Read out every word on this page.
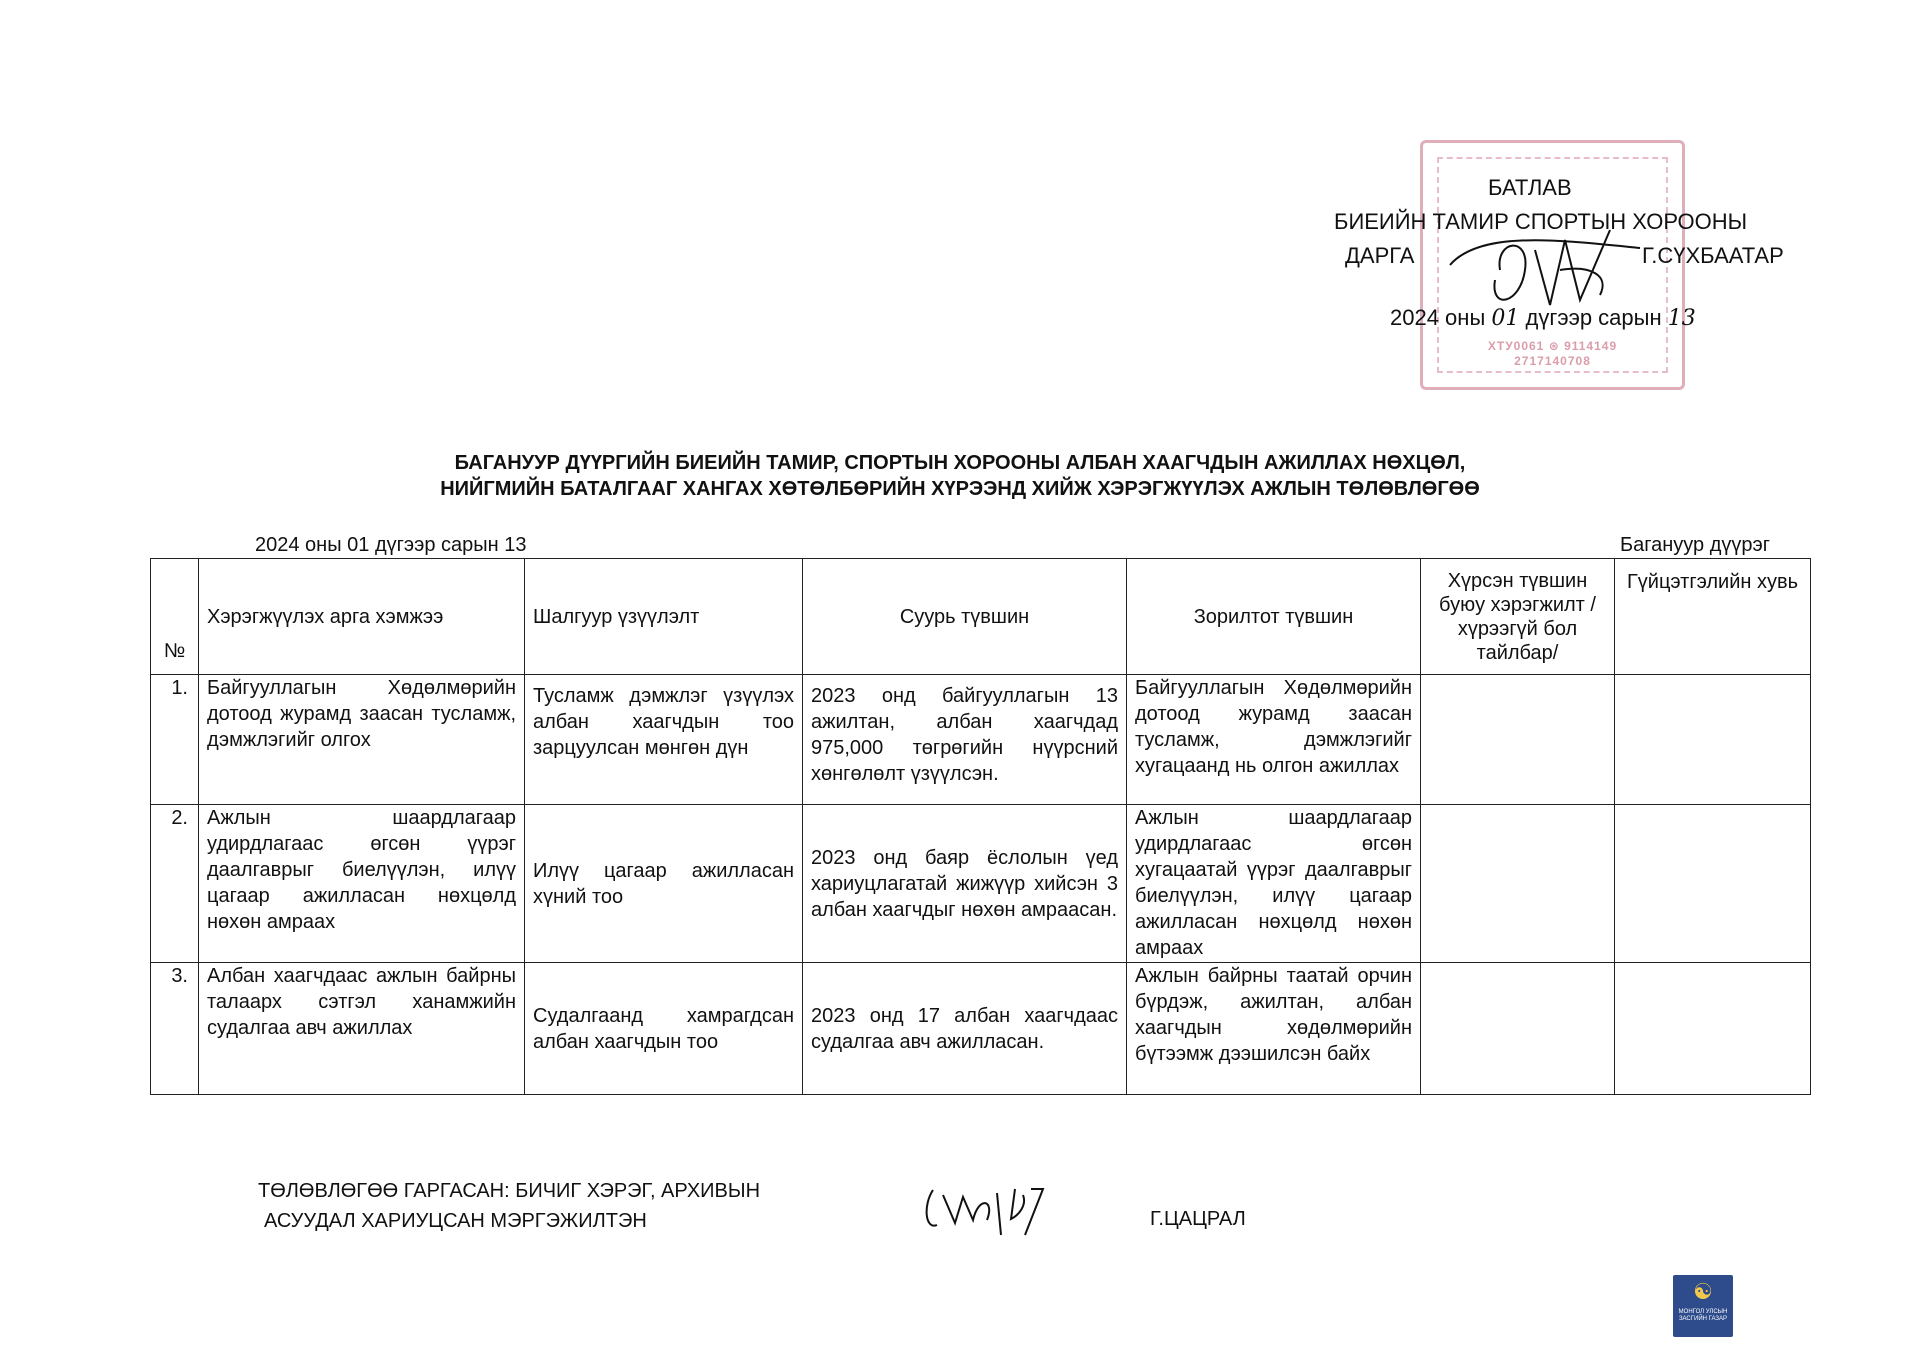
ХТУ0061 ⊛ 9114149
2717140708
БАТЛАВ
БИЕИЙН ТАМИР СПОРТЫН ХОРООНЫ
ДАРГА	Г.СҮХБААТАР
2024 оны 01 дүгээр сарын 13
БАГАНУУР ДҮҮРГИЙН БИЕИЙН ТАМИР, СПОРТЫН ХОРООНЫ АЛБАН ХААГЧДЫН АЖИЛЛАХ НӨХЦӨЛ,
НИЙГМИЙН БАТАЛГААГ ХАНГАХ ХӨТӨЛБӨРИЙН ХҮРЭЭНД ХИЙЖ ХЭРЭГЖҮҮЛЭХ АЖЛЫН ТӨЛӨВЛӨГӨӨ
2024 оны 01 дүгээр сарын 13	Багануур дүүрэг
№	Хэрэгжүүлэх арга хэмжээ	Шалгуур үзүүлэлт	Суурь түвшин	Зорилтот түвшин	Хүрсэн түвшин буюу хэрэгжилт / хүрээгүй бол тайлбар/	Гүйцэтгэлийн хувь
1.	Байгууллагын Хөдөлмөрийн дотоод журамд заасан тусламж, дэмжлэгийг олгох	Тусламж дэмжлэг үзүүлэх албан хаагчдын тоо зарцуулсан мөнгөн дүн	2023 онд байгууллагын 13 ажилтан, албан хаагчдад 975,000 төгрөгийн нүүрсний хөнгөлөлт үзүүлсэн.	Байгууллагын Хөдөлмөрийн дотоод журамд заасан тусламж, дэмжлэгийг хугацаанд нь олгон ажиллах		
2.	Ажлын шаардлагаар удирдлагаас өгсөн үүрэг даалгаврыг биелүүлэн, илүү цагаар ажилласан нөхцөлд нөхөн амраах	Илүү цагаар ажилласан хүний тоо	2023 онд баяр ёслолын үед хариуцлагатай жижүүр хийсэн 3 албан хаагчдыг нөхөн амраасан.	Ажлын шаардлагаар удирдлагаас өгсөн хугацаатай үүрэг даалгаврыг биелүүлэн, илүү цагаар ажилласан нөхцөлд нөхөн амраах		
3.	Албан хаагчдаас ажлын байрны талаарх сэтгэл ханамжийн судалгаа авч ажиллах	Судалгаанд хамрагдсан албан хаагчдын тоо	2023 онд 17 албан хаагчдаас судалгаа авч ажилласан.	Ажлын байрны таатай орчин бүрдэж, ажилтан, албан хаагчдын хөдөлмөрийн бүтээмж дээшилсэн байх		
ТӨЛӨВЛӨГӨӨ ГАРГАСАН: БИЧИГ ХЭРЭГ, АРХИВЫН
АСУУДАЛ ХАРИУЦСАН МЭРГЭЖИЛТЭН	Г.ЦАЦРАЛ
☯
МОНГОЛ УЛСЫН
ЗАСГИЙН ГАЗАР
